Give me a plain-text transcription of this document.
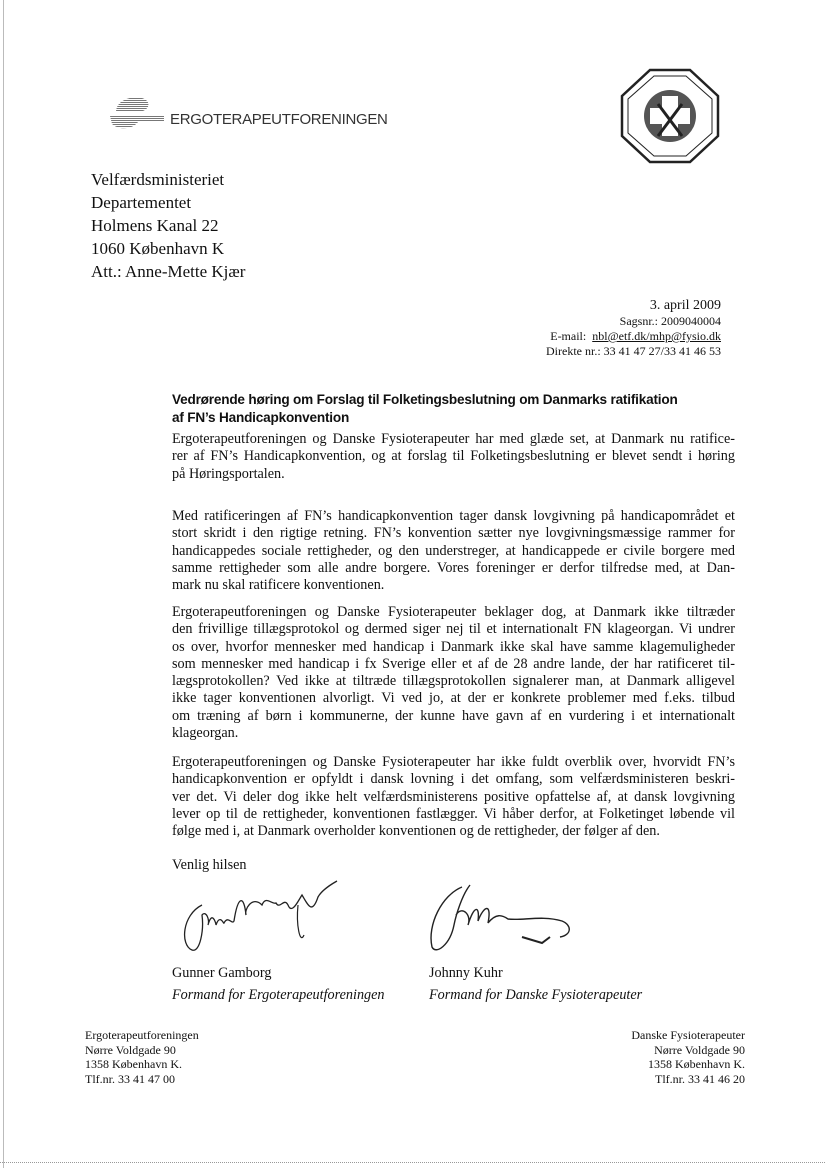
ERGOTERAPEUTFORENINGEN
Velfærdsministeriet
Departementet
Holmens Kanal 22
1060 København K
Att.: Anne-Mette Kjær
3. april 2009
Sagsnr.: 2009040004
E-mail: nbl@etf.dk/mhp@fysio.dk
Direkte nr.: 33 41 47 27/33 41 46 53
Vedrørende høring om Forslag til Folketingsbeslutning om Danmarks ratifikation
af FN’s Handicapkonvention
Ergoterapeutforeningen og Danske Fysioterapeuter har med glæde set, at Danmark nu ratifice-
rer af FN’s Handicapkonvention, og at forslag til Folketingsbeslutning er blevet sendt i høring
på Høringsportalen.
Med ratificeringen af FN’s handicapkonvention tager dansk lovgivning på handicapområdet et
stort skridt i den rigtige retning. FN’s konvention sætter nye lovgivningsmæssige rammer for
handicappedes sociale rettigheder, og den understreger, at handicappede er civile borgere med
samme rettigheder som alle andre borgere. Vores foreninger er derfor tilfredse med, at Dan-
mark nu skal ratificere konventionen.
Ergoterapeutforeningen og Danske Fysioterapeuter beklager dog, at Danmark ikke tiltræder
den frivillige tillægsprotokol og dermed siger nej til et internationalt FN klageorgan. Vi undrer
os over, hvorfor mennesker med handicap i Danmark ikke skal have samme klagemuligheder
som mennesker med handicap i fx Sverige eller et af de 28 andre lande, der har ratificeret til-
lægsprotokollen? Ved ikke at tiltræde tillægsprotokollen signalerer man, at Danmark alligevel
ikke tager konventionen alvorligt. Vi ved jo, at der er konkrete problemer med f.eks. tilbud
om træning af børn i kommunerne, der kunne have gavn af en vurdering i et internationalt
klageorgan.
Ergoterapeutforeningen og Danske Fysioterapeuter har ikke fuldt overblik over, hvorvidt FN’s
handicapkonvention er opfyldt i dansk lovning i det omfang, som velfærdsministeren beskri-
ver det. Vi deler dog ikke helt velfærdsministerens positive opfattelse af, at dansk lovgivning
lever op til de rettigheder, konventionen fastlægger. Vi håber derfor, at Folketinget løbende vil
følge med i, at Danmark overholder konventionen og de rettigheder, der følger af den.
Venlig hilsen
Gunner Gamborg
Formand for Ergoterapeutforeningen
Johnny Kuhr
Formand for Danske Fysioterapeuter
Ergoterapeutforeningen
Nørre Voldgade 90
1358 København K.
Tlf.nr. 33 41 47 00
Danske Fysioterapeuter
Nørre Voldgade 90
1358 København K.
Tlf.nr. 33 41 46 20
